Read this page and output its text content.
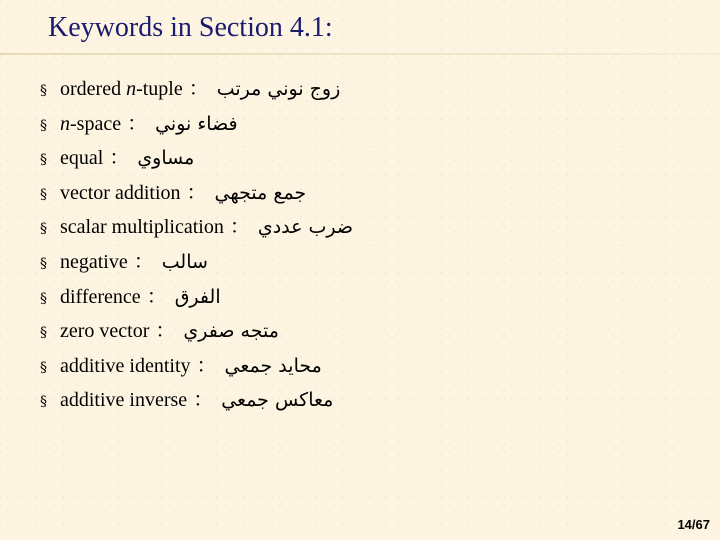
Keywords in Section 4.1:
§ ordered n-tuple ： زوج نوني مرتب
§ n-space ： فضاء نوني
§ equal ： مساوي
§ vector addition ： جمع متجهي
§ scalar multiplication ： ضرب عددي
§ negative ： سالب
§ difference ： الفرق
§ zero vector ： متجه صفري
§ additive identity ： محايد جمعي
§ additive inverse ： معاكس جمعي
14/67
